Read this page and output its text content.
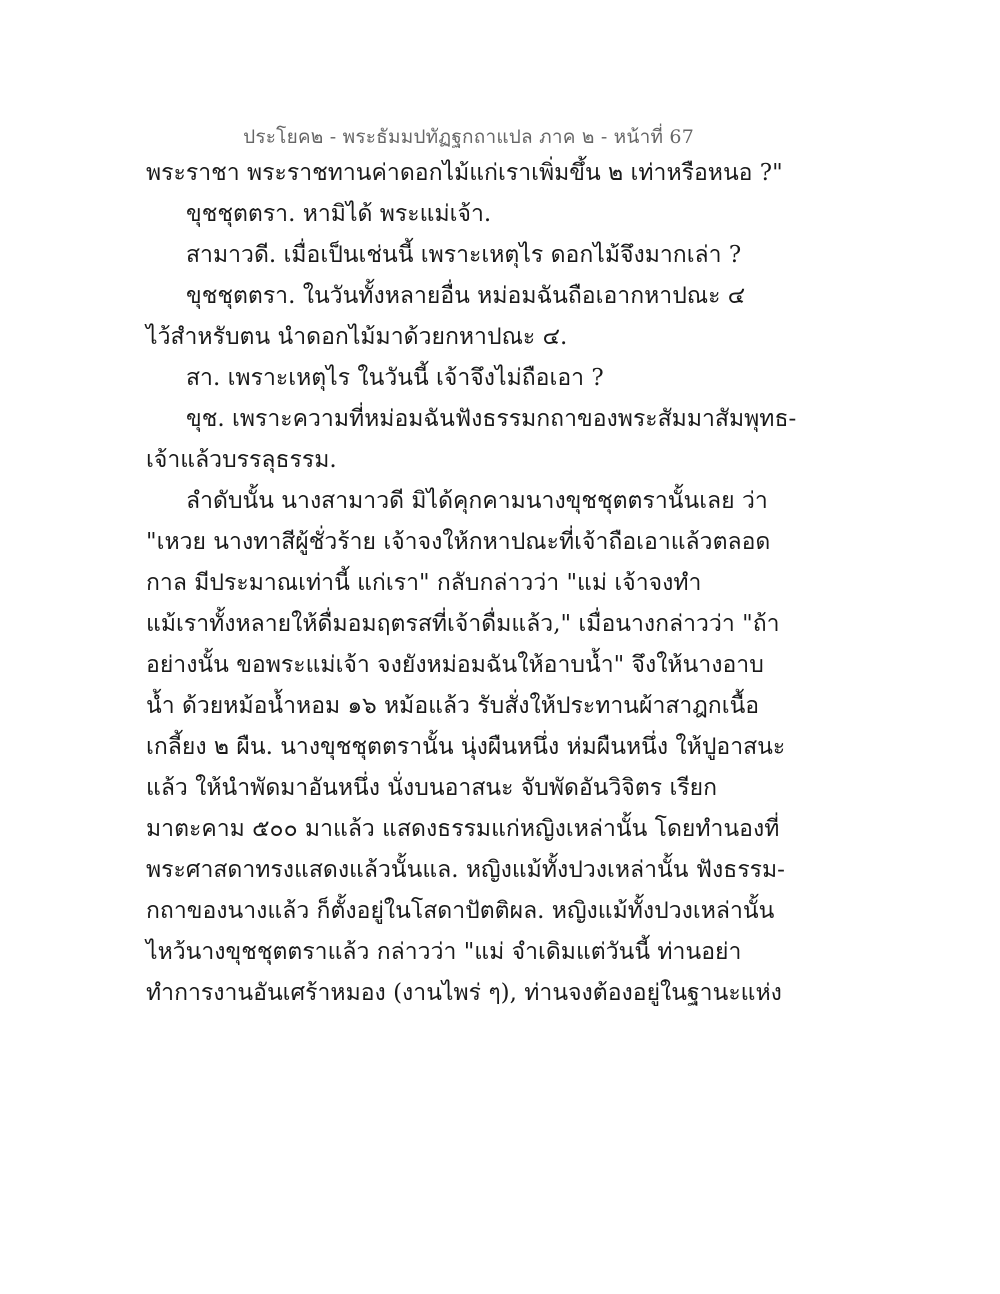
ประโยค๒ - พระธัมมปทัฏฐกถาแปล ภาค ๒ - หน้าที่ 67
พระราชา พระราชทานค่าดอกไม้แก่เราเพิ่มขึ้น ๒ เท่าหรือหนอ ?"
ขุชชุตตรา. หามิได้ พระแม่เจ้า.
สามาวดี. เมื่อเป็นเช่นนี้ เพราะเหตุไร ดอกไม้จึงมากเล่า ?
ขุชชุตตรา. ในวันทั้งหลายอื่น หม่อมฉันถือเอากหาปณะ ๔
ไว้สำหรับตน นำดอกไม้มาด้วยกหาปณะ ๔.
สา. เพราะเหตุไร ในวันนี้ เจ้าจึงไม่ถือเอา ?
ขุช. เพราะความที่หม่อมฉันฟังธรรมกถาของพระสัมมาสัมพุทธ-
เจ้าแล้วบรรลุธรรม.
ลำดับนั้น นางสามาวดี มิได้คุกคามนางขุชชุตตรานั้นเลย ว่า
"เหวย นางทาสีผู้ชั่วร้าย เจ้าจงให้กหาปณะที่เจ้าถือเอาแล้วตลอด
กาล มีประมาณเท่านี้ แก่เรา" กลับกล่าวว่า "แม่ เจ้าจงทำ
แม้เราทั้งหลายให้ดื่มอมฤตรสที่เจ้าดื่มแล้ว," เมื่อนางกล่าวว่า "ถ้า
อย่างนั้น ขอพระแม่เจ้า จงยังหม่อมฉันให้อาบน้ำ" จึงให้นางอาบ
น้ำ ด้วยหม้อน้ำหอม ๑๖ หม้อแล้ว รับสั่งให้ประทานผ้าสาฎกเนื้อ
เกลี้ยง ๒ ผืน. นางขุชชุตตรานั้น นุ่งผืนหนึ่ง ห่มผืนหนึ่ง ให้ปูอาสนะ
แล้ว ให้นำพัดมาอันหนึ่ง นั่งบนอาสนะ จับพัดอันวิจิตร เรียก
มาตะคาม ๕๐๐ มาแล้ว แสดงธรรมแก่หญิงเหล่านั้น โดยทำนองที่
พระศาสดาทรงแสดงแล้วนั้นแล. หญิงแม้ทั้งปวงเหล่านั้น ฟังธรรม-
กถาของนางแล้ว ก็ตั้งอยู่ในโสดาปัตติผล. หญิงแม้ทั้งปวงเหล่านั้น
ไหว้นางขุชชุตตราแล้ว กล่าวว่า "แม่ จำเดิมแต่วันนี้ ท่านอย่า
ทำการงานอันเศร้าหมอง (งานไพร่ ๆ), ท่านจงต้องอยู่ในฐานะแห่ง
